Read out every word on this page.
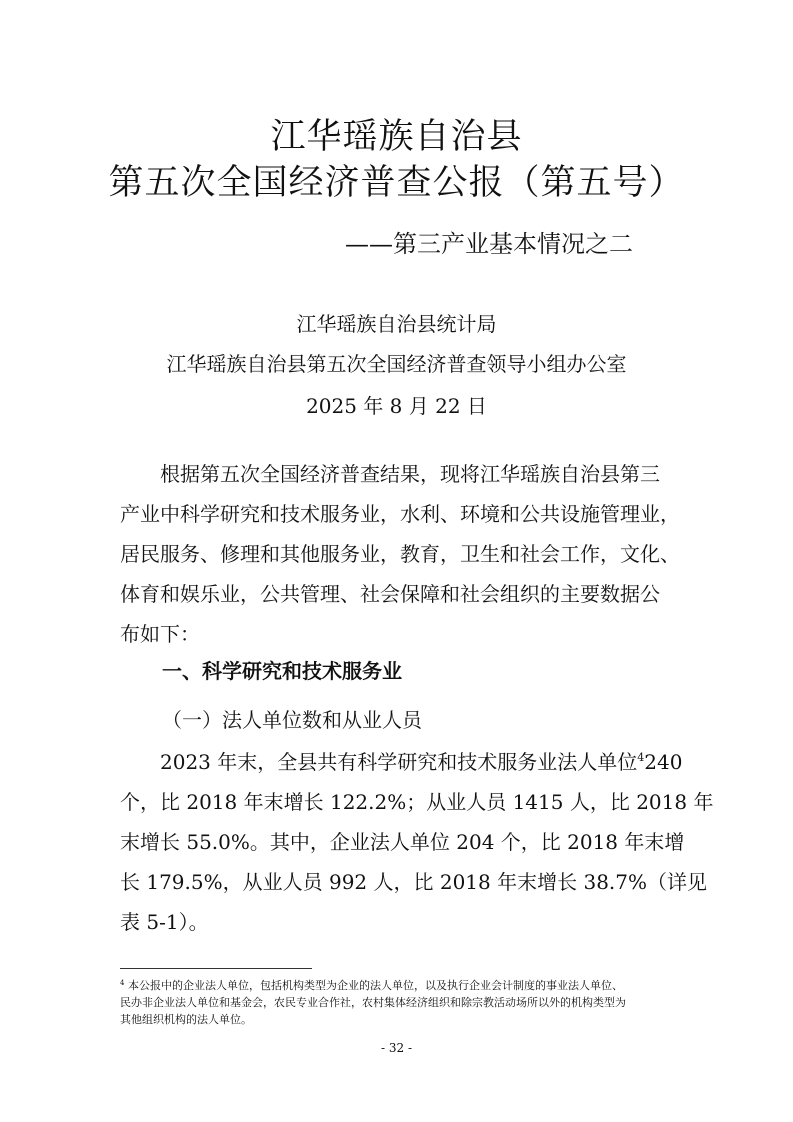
江华瑶族自治县
第五次全国经济普查公报（第五号）
——第三产业基本情况之二
江华瑶族自治县统计局
江华瑶族自治县第五次全国经济普查领导小组办公室
2025 年 8 月 22 日
根据第五次全国经济普查结果，现将江华瑶族自治县第三
产业中科学研究和技术服务业，水利、环境和公共设施管理业，
居民服务、修理和其他服务业，教育，卫生和社会工作，文化、
体育和娱乐业，公共管理、社会保障和社会组织的主要数据公
布如下：
一、科学研究和技术服务业
（一）法人单位数和从业人员
2023 年末，全县共有科学研究和技术服务业法人单位$^4$240
个，比 2018 年末增长 122.2%；从业人员 1415 人，比 2018 年
末增长 55.0%。其中，企业法人单位 204 个，比 2018 年末增
长 179.5%，从业人员 992 人，比 2018 年末增长 38.7%（详见
表 5-1）。
$^4$ 本公报中的企业法人单位，包括机构类型为企业的法人单位，以及执行企业会计制度的事业法人单位、
民办非企业法人单位和基金会，农民专业合作社，农村集体经济组织和除宗教活动场所以外的机构类型为
其他组织机构的法人单位。
- 32 -
